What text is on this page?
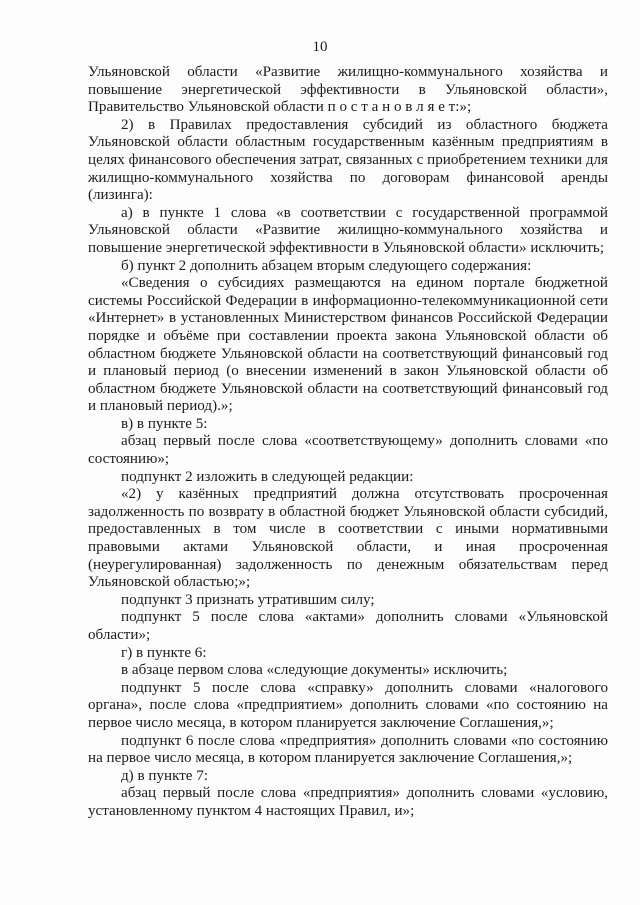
10

Ульяновской области «Развитие жилищно-коммунального хозяйства и повышение энергетической эффективности в Ульяновской области», Правительство Ульяновской области п о с т а н о в л я е т:»;

2) в Правилах предоставления субсидий из областного бюджета Ульяновской области областным государственным казённым предприятиям в целях финансового обеспечения затрат, связанных с приобретением техники для жилищно-коммунального хозяйства по договорам финансовой аренды (лизинга):

а) в пункте 1 слова «в соответствии с государственной программой Ульяновской области «Развитие жилищно-коммунального хозяйства и повышение энергетической эффективности в Ульяновской области» исключить;

б) пункт 2 дополнить абзацем вторым следующего содержания:

«Сведения о субсидиях размещаются на едином портале бюджетной системы Российской Федерации в информационно-телекоммуникационной сети «Интернет» в установленных Министерством финансов Российской Федерации порядке и объёме при составлении проекта закона Ульяновской области об областном бюджете Ульяновской области на соответствующий финансовый год и плановый период (о внесении изменений в закон Ульяновской области об областном бюджете Ульяновской области на соответствующий финансовый год и плановый период).»;

в) в пункте 5:

абзац первый после слова «соответствующему» дополнить словами «по состоянию»;

подпункт 2 изложить в следующей редакции:

«2) у казённых предприятий должна отсутствовать просроченная задолженность по возврату в областной бюджет Ульяновской области субсидий, предоставленных в том числе в соответствии с иными нормативными правовыми актами Ульяновской области, и иная просроченная (неурегулированная) задолженность по денежным обязательствам перед Ульяновской областью;»;

подпункт 3 признать утратившим силу;

подпункт 5 после слова «актами» дополнить словами «Ульяновской области»;

г) в пункте 6:

в абзаце первом слова «следующие документы» исключить;

подпункт 5 после слова «справку» дополнить словами «налогового органа», после слова «предприятием» дополнить словами «по состоянию на первое число месяца, в котором планируется заключение Соглашения,»;

подпункт 6 после слова «предприятия» дополнить словами «по состоянию на первое число месяца, в котором планируется заключение Соглашения,»;

д) в пункте 7:

абзац первый после слова «предприятия» дополнить словами «условию, установленному пунктом 4 настоящих Правил, и»;
